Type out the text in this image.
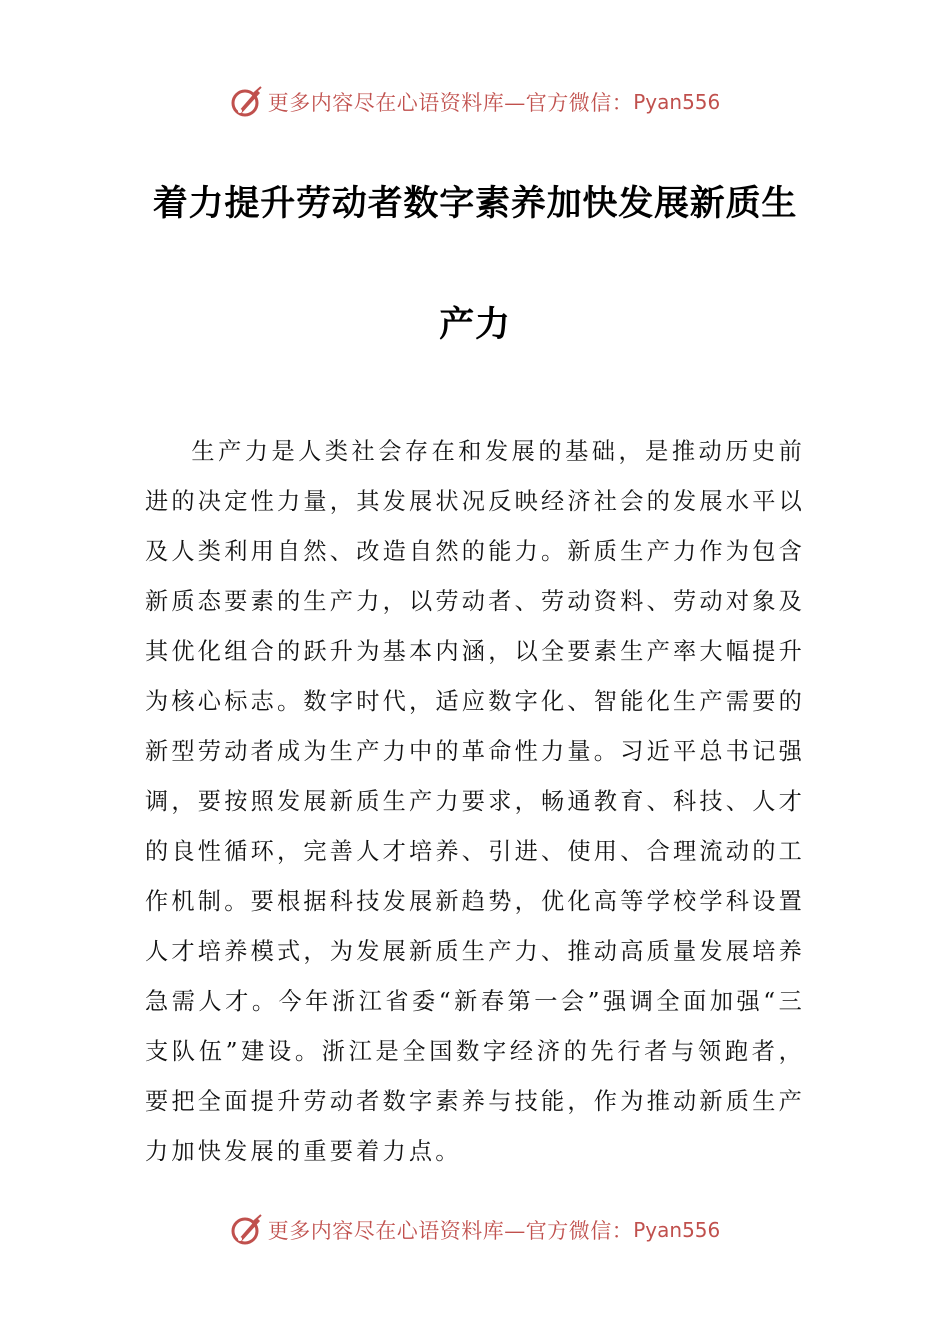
更多内容尽在心语资料库—官方微信： Pyan556
着力提升劳动者数字素养加快发展新质生
产力

生产力是人类社会存在和发展的基础，是推动历史前进的决定性力量，其发展状况反映经济社会的发展水平以及人类利用自然、改造自然的能力。新质生产力作为包含新质态要素的生产力，以劳动者、劳动资料、劳动对象及其优化组合的跃升为基本内涵，以全要素生产率大幅提升为核心标志。数字时代，适应数字化、智能化生产需要的新型劳动者成为生产力中的革命性力量。习近平总书记强调，要按照发展新质生产力要求，畅通教育、科技、人才的良性循环，完善人才培养、引进、使用、合理流动的工作机制。要根据科技发展新趋势，优化高等学校学科设置人才培养模式，为发展新质生产力、推动高质量发展培养急需人才。今年浙江省委“新春第一会”强调全面加强“三支队伍”建设。浙江是全国数字经济的先行者与领跑者，要把全面提升劳动者数字素养与技能，作为推动新质生产力加快发展的重要着力点。

更多内容尽在心语资料库—官方微信： Pyan556
